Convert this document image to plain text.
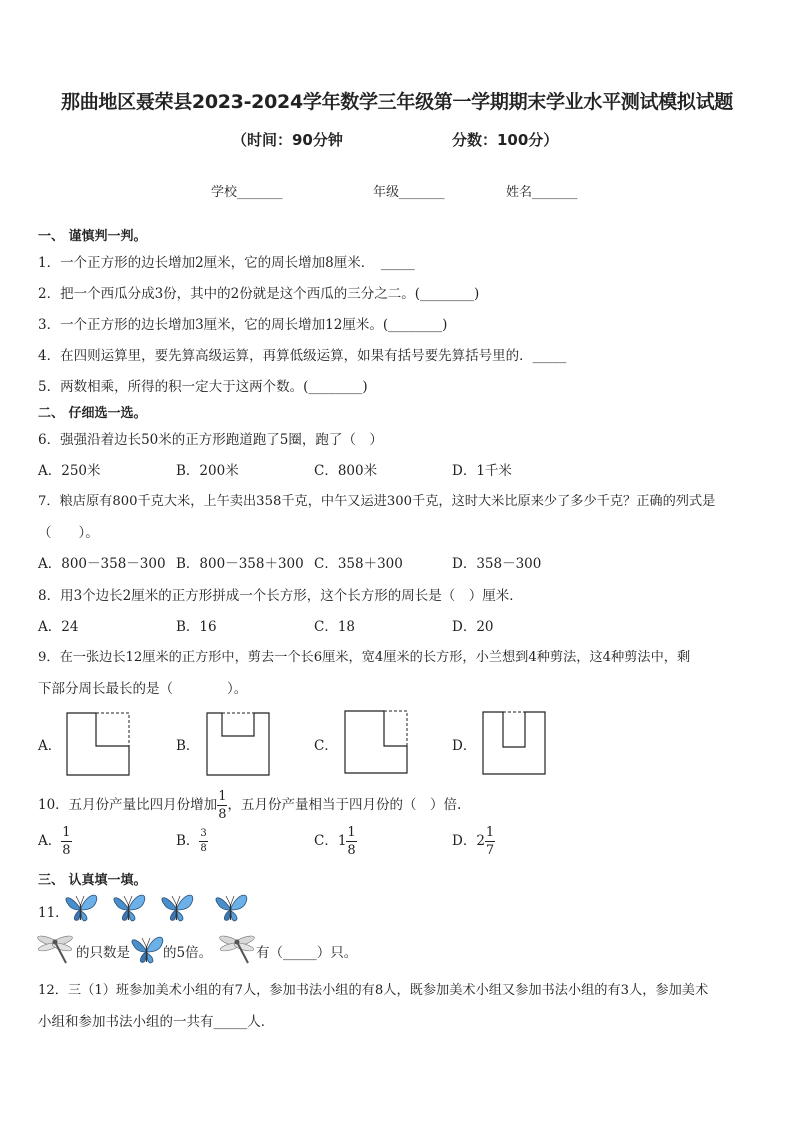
那曲地区聂荣县2023-2024学年数学三年级第一学期期末学业水平测试模拟试题
（时间：90分钟	分数：100分）
学校_______	年级_______	姓名_______
一、 谨慎判一判。
1．一个正方形的边长增加2厘米，它的周长增加8厘米．　_____
2．把一个西瓜分成3份，其中的2份就是这个西瓜的三分之二。(________)
3．一个正方形的边长增加3厘米，它的周长增加12厘米。(________)
4．在四则运算里，要先算高级运算，再算低级运算，如果有括号要先算括号里的．_____
5．两数相乘，所得的积一定大于这两个数。(________)
二、 仔细选一选。
6．强强沿着边长50米的正方形跑道跑了5圈，跑了（　）
A．250米	B．200米	C．800米	D．1千米
7．粮店原有800千克大米，上午卖出358千克，中午又运进300千克，这时大米比原来少了多少千克？正确的列式是
（　　）。
A．800－358－300 B．800－358＋300 C．358＋300	D．358－300
8．用3个边长2厘米的正方形拼成一个长方形，这个长方形的周长是（　）厘米．
A．24	B．16	C．18	D．20
9．在一张边长12厘米的正方形中，剪去一个长6厘米，宽4厘米的长方形，小兰想到4种剪法，这4种剪法中，剩
下部分周长最长的是（　　　　）。
A．	B．	C．	D．
10．五月份产量比四月份增加 $\frac{1}{8}$ ，五月份产量相当于四月份的（　）倍.
A． $\frac{1}{8}$	B． $\frac{3}{8}$	C．$1 \frac{1}{8}$	D．$2 \frac{1}{7}$
三、 认真填一填。
11．
的只数是 的5倍。	有（_____）只。
12．三（1）班参加美术小组的有7人，参加书法小组的有8人，既参加美术小组又参加书法小组的有3人，参加美术
小组和参加书法小组的一共有_____人．
